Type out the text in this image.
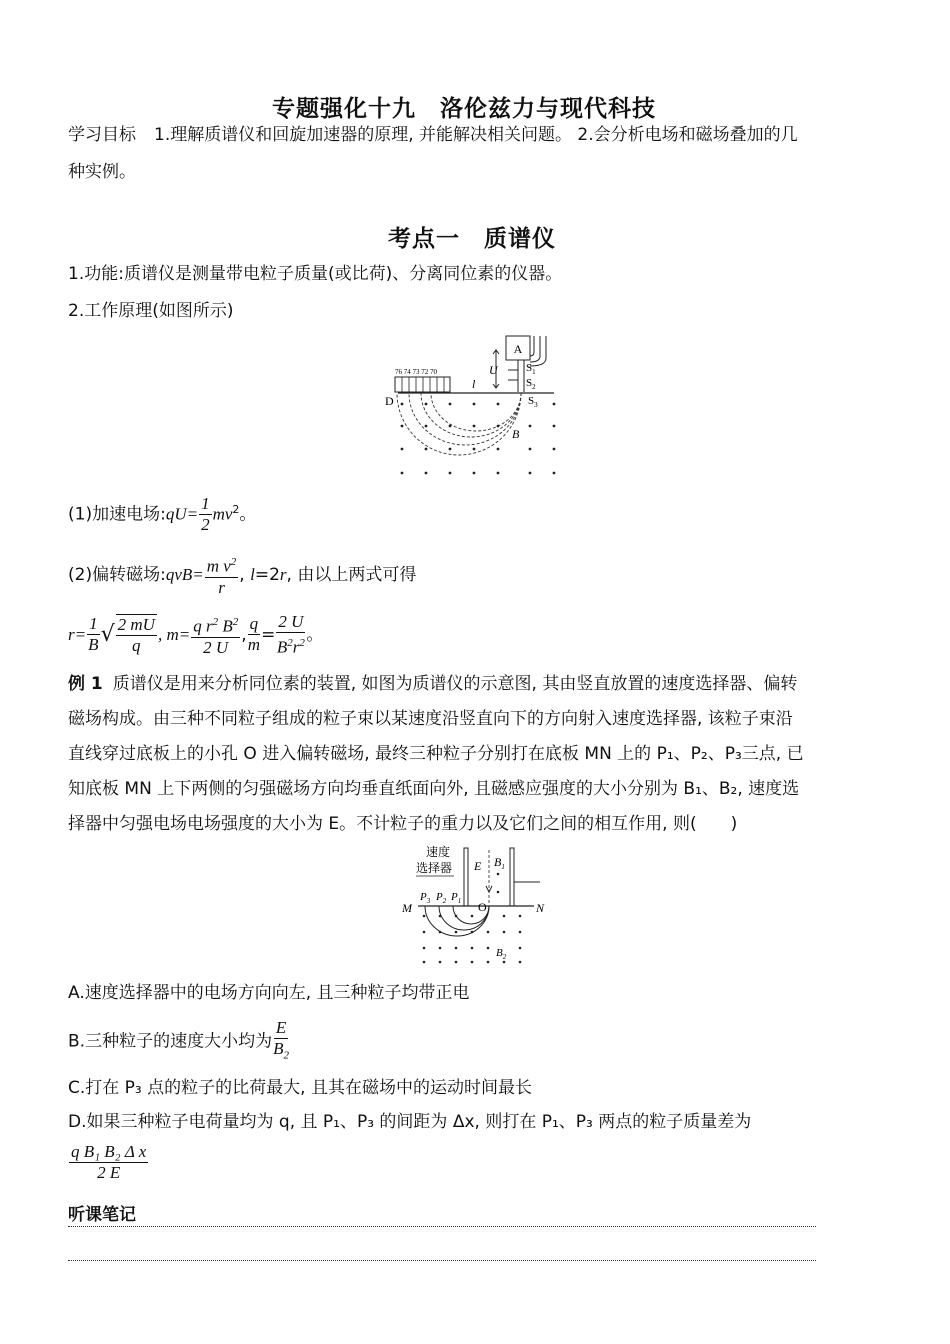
专题强化十九　洛伦兹力与现代科技
学习目标 1.理解质谱仪和回旋加速器的原理, 并能解决相关问题。 2.会分析电场和磁场叠加的几
种实例。
考点一　质谱仪
1.功能:质谱仪是测量带电粒子质量(或比荷)、分离同位素的仪器。
2.工作原理(如图所示)
A
U	$S_1$
$S_2$
$S_3$
76 74 73 72 70
D
l
B
(1)加速电场:qU= $\frac{1}{2} mv^2$。
(2)偏转磁场:qvB= $\frac{m v^2}{r}$ , l=2r, 由以上两式可得
$r= \frac{1}{B}$ √ $\frac{2 mU}{q}$ , $m= \frac{q r^2 B^2}{2 U}$ , $\frac{q}{m} = \frac{2 U}{B^2r^2}$ 。
例 1 质谱仪是用来分析同位素的装置, 如图为质谱仪的示意图, 其由竖直放置的速度选择器、偏转
磁场构成。由三种不同粒子组成的粒子束以某速度沿竖直向下的方向射入速度选择器, 该粒子束沿
直线穿过底板上的小孔 O 进入偏转磁场, 最终三种粒子分别打在底板 MN 上的 P₁、P₂、P₃三点, 已
知底板 MN 上下两侧的匀强磁场方向均垂直纸面向外, 且磁感应强度的大小分别为 B₁、B₂, 速度选
择器中匀强电场电场强度的大小为 E。不计粒子的重力以及它们之间的相互作用, 则(　　)
速度
选择器 E $B_1$
M	N
$P_3$ $P_2$ $P_1$ O
$B_2$
A.速度选择器中的电场方向向左, 且三种粒子均带正电
B.三种粒子的速度大小均为 $\frac{E}{B_2}$
C.打在 P₃ 点的粒子的比荷最大, 且其在磁场中的运动时间最长
D.如果三种粒子电荷量均为 q, 且 P₁、P₃ 的间距为 Δx, 则打在 P₁、P₃ 两点的粒子质量差为
$\frac{\text{q B₁ B₂ Δ x}}{2 E}$
听课笔记
